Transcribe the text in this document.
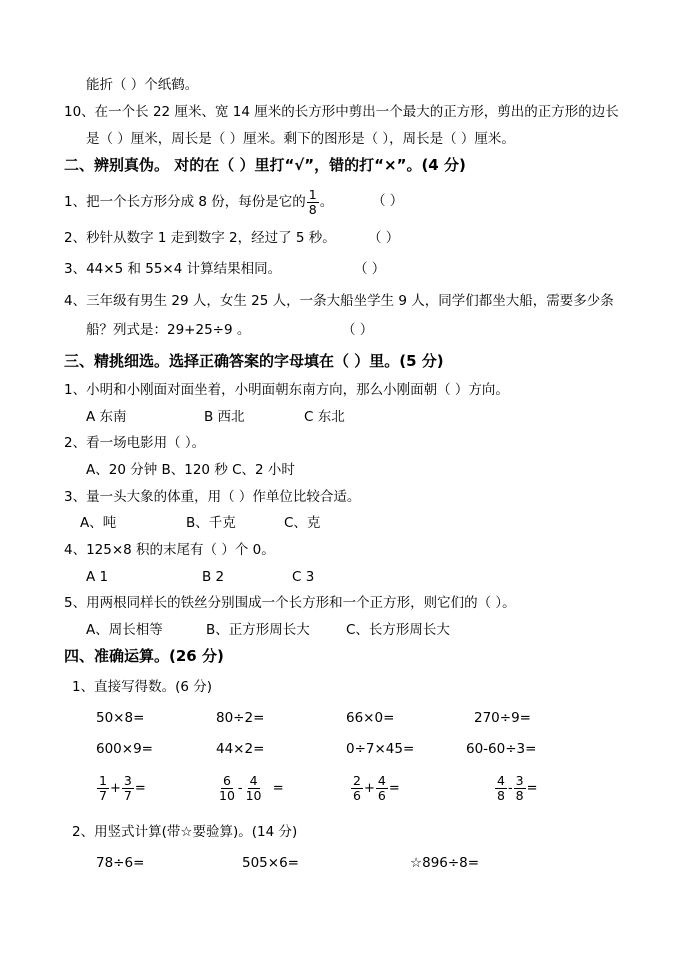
能折（ ）个纸鹤。
10、在一个长 22 厘米、宽 14 厘米的长方形中剪出一个最大的正方形，剪出的正方形的边长
是（ ）厘米，周长是（ ）厘米。剩下的图形是（ ），周长是（ ）厘米。
二、辨别真伪。 对的在（ ）里打“√”，错的打“×”。(4 分)
1、把一个长方形分成 8 份，每份是它的 $\frac{1}{8}$ 。	（ ）
2、秒针从数字 1 走到数字 2，经过了 5 秒。 （ ）
3、44×5 和 55×4 计算结果相同。	（ ）
4、三年级有男生 29 人，女生 25 人，一条大船坐学生 9 人，同学们都坐大船，需要多少条
船？列式是：29+25÷9 。	（ ）
三、精挑细选。选择正确答案的字母填在（ ）里。(5 分)
1、小明和小刚面对面坐着，小明面朝东南方向，那么小刚面朝（ ）方向。
A 东南	B 西北	C 东北
2、看一场电影用（ ）。
A、20 分钟 B、120 秒 C、2 小时
3、量一头大象的体重，用（ ）作单位比较合适。
A、吨	B、千克	C、克
4、125×8 积的末尾有（ ）个 0。
A 1	B 2	C 3
5、用两根同样长的铁丝分别围成一个长方形和一个正方形，则它们的（ ）。
A、周长相等	B、正方形周长大	C、长方形周长大
四、准确运算。(26 分)
1、直接写得数。(6 分)
50×8=	80÷2=	66×0=	270÷9=
600×9=	44×2=	0÷7×45=	60-60÷3=
$\frac{1}{7} + \frac{3}{7}$ =	$\frac{6}{10} - \frac{4}{10}$ =	$\frac{2}{6} + \frac{4}{6}$ =	$\frac{4}{8} - \frac{3}{8}$ =
2、用竖式计算(带☆要验算)。(14 分)
78÷6=	505×6=	☆896÷8=
